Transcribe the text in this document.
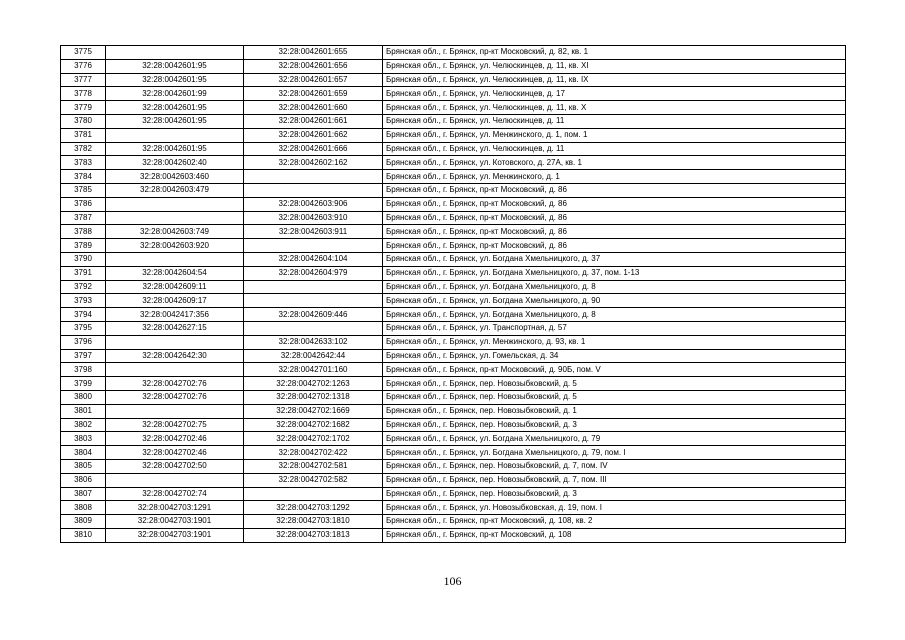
3775		32:28:0042601:655	Брянская обл., г. Брянск, пр-кт Московский, д. 82, кв. 1
3776	32:28:0042601:95	32:28:0042601:656	Брянская обл., г. Брянск, ул. Челюскинцев, д. 11, кв. XI
3777	32:28:0042601:95	32:28:0042601:657	Брянская обл., г. Брянск, ул. Челюскинцев, д. 11, кв. IX
3778	32:28:0042601:99	32:28:0042601:659	Брянская обл., г. Брянск, ул. Челюскинцев, д. 17
3779	32:28:0042601:95	32:28:0042601:660	Брянская обл., г. Брянск, ул. Челюскинцев, д. 11, кв. X
3780	32:28:0042601:95	32:28:0042601:661	Брянская обл., г. Брянск, ул. Челюскинцев, д. 11
3781		32:28:0042601:662	Брянская обл., г. Брянск, ул. Менжинского, д. 1, пом. 1
3782	32:28:0042601:95	32:28:0042601:666	Брянская обл., г. Брянск, ул. Челюскинцев, д. 11
3783	32:28:0042602:40	32:28:0042602:162	Брянская обл., г. Брянск, ул. Котовского, д. 27А, кв. 1
3784	32:28:0042603:460		Брянская обл., г. Брянск, ул. Менжинского, д. 1
3785	32:28:0042603:479		Брянская обл., г. Брянск, пр-кт Московский, д. 86
3786		32:28:0042603:906	Брянская обл., г. Брянск, пр-кт Московский, д. 86
3787		32:28:0042603:910	Брянская обл., г. Брянск, пр-кт Московский, д. 86
3788	32:28:0042603:749	32:28:0042603:911	Брянская обл., г. Брянск, пр-кт Московский, д. 86
3789	32:28:0042603:920		Брянская обл., г. Брянск, пр-кт Московский, д. 86
3790		32:28:0042604:104	Брянская обл., г. Брянск, ул. Богдана Хмельницкого, д. 37
3791	32:28:0042604:54	32:28:0042604:979	Брянская обл., г. Брянск, ул. Богдана Хмельницкого, д. 37, пом. 1-13
3792	32:28:0042609:11		Брянская обл., г. Брянск, ул. Богдана Хмельницкого, д. 8
3793	32:28:0042609:17		Брянская обл., г. Брянск, ул. Богдана Хмельницкого, д. 90
3794	32:28:0042417:356	32:28:0042609:446	Брянская обл., г. Брянск, ул. Богдана Хмельницкого, д. 8
3795	32:28:0042627:15		Брянская обл., г. Брянск, ул. Транспортная, д. 57
3796		32:28:0042633:102	Брянская обл., г. Брянск, ул. Менжинского, д. 93, кв. 1
3797	32:28:0042642:30	32:28:0042642:44	Брянская обл., г. Брянск, ул. Гомельская, д. 34
3798		32:28:0042701:160	Брянская обл., г. Брянск, пр-кт Московский, д. 90Б, пом. V
3799	32:28:0042702:76	32:28:0042702:1263	Брянская обл., г. Брянск, пер. Новозыбковский, д. 5
3800	32:28:0042702:76	32:28:0042702:1318	Брянская обл., г. Брянск, пер. Новозыбковский, д. 5
3801		32:28:0042702:1669	Брянская обл., г. Брянск, пер. Новозыбковский, д. 1
3802	32:28:0042702:75	32:28:0042702:1682	Брянская обл., г. Брянск, пер. Новозыбковский, д. 3
3803	32:28:0042702:46	32:28:0042702:1702	Брянская обл., г. Брянск, ул. Богдана Хмельницкого, д. 79
3804	32:28:0042702:46	32:28:0042702:422	Брянская обл., г. Брянск, ул. Богдана Хмельницкого, д. 79, пом. I
3805	32:28:0042702:50	32:28:0042702:581	Брянская обл., г. Брянск, пер. Новозыбковский, д. 7, пом. IV
3806		32:28:0042702:582	Брянская обл., г. Брянск, пер. Новозыбковский, д. 7, пом. III
3807	32:28:0042702:74		Брянская обл., г. Брянск, пер. Новозыбковский, д. 3
3808	32:28:0042703:1291	32:28:0042703:1292	Брянская обл., г. Брянск, ул. Новозыбковская, д. 19, пом. I
3809	32:28:0042703:1901	32:28:0042703:1810	Брянская обл., г. Брянск, пр-кт Московский, д. 108, кв. 2
3810	32:28:0042703:1901	32:28:0042703:1813	Брянская обл., г. Брянск, пр-кт Московский, д. 108
106
